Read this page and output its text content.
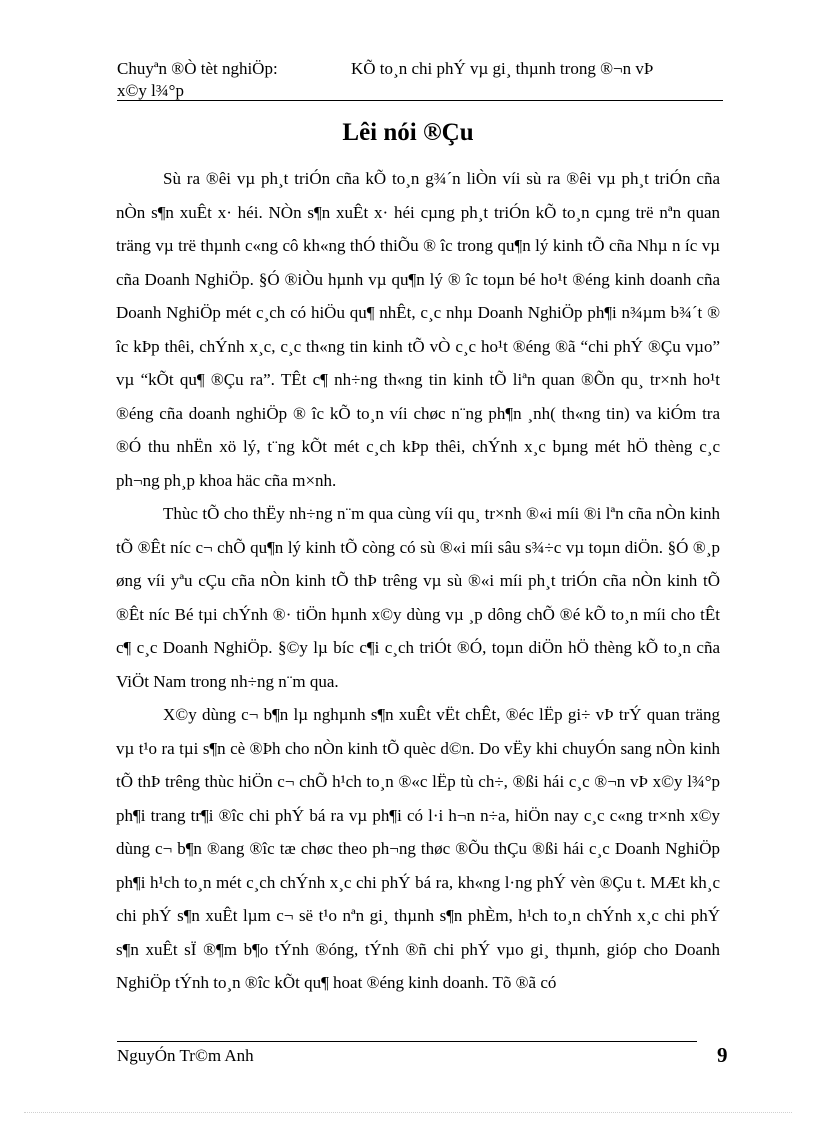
Chuyªn ®Ò tèt nghiÖp:	KÕ to¸n chi phÝ vµ gi¸ thµnh trong ®¬n vÞ
x©y l¾°p
Lêi nói ®Çu

Sù ra ®êi vµ ph¸t triÓn cña kÕ to¸n g¾´n liÒn víi sù ra ®êi vµ ph¸t triÓn cña nÒn s¶n xuÊt x· héi. NÒn s¶n xuÊt x· héi cµng ph¸t triÓn kÕ to¸n cµng trë nªn quan träng vµ trë thµnh c«ng cô kh«ng thÓ thiÕu ® îc trong qu¶n lý kinh tÕ cña Nhµ n íc vµ cña Doanh NghiÖp. §Ó ®iÒu hµnh vµ qu¶n lý ® îc toµn bé ho¹t ®éng kinh doanh cña Doanh NghiÖp mét c¸ch có hiÖu qu¶ nhÊt, c¸c nhµ Doanh NghiÖp ph¶i n¾µm b¾´t ® îc kÞp thêi, chÝnh x¸c, c¸c th«ng tin kinh tÕ vÒ c¸c ho¹t ®éng ®ã “chi phÝ ®Çu vµo” vµ “kÕt qu¶ ®Çu ra”. TÊt c¶ nh÷ng th«ng tin kinh tÕ liªn quan ®Õn qu¸ tr×nh ho¹t ®éng cña doanh nghiÖp ® îc kÕ to¸n víi chøc n¨ng ph¶n ¸nh( th«ng tin) va kiÓm tra ®Ó thu nhËn xö lý, t¨ng kÕt mét c¸ch kÞp thêi, chÝnh x¸c bµng mét hÖ thèng c¸c ph¬ng ph¸p khoa häc cña m×nh.

Thùc tÕ cho thËy nh÷ng n¨m qua cùng víi qu¸ tr×nh ®«i míi ®i lªn cña nÒn kinh tÕ ®Êt níc c¬ chÕ qu¶n lý kinh tÕ còng có sù ®«i míi sâu s¾÷c vµ toµn diÖn. §Ó ®¸p øng víi yªu cÇu cña nÒn kinh tÕ thÞ trêng vµ sù ®«i míi ph¸t triÓn cña nÒn kinh tÕ ®Êt níc Bé tµi chÝnh ®· tiÖn hµnh x©y dùng vµ ¸p dông chÕ ®é kÕ to¸n míi cho tÊt c¶ c¸c Doanh NghiÖp. §©y lµ bíc c¶i c¸ch triÓt ®Ó, toµn diÖn hÖ thèng kÕ to¸n cña ViÖt Nam trong nh÷ng n¨m qua.

X©y dùng c¬ b¶n lµ nghµnh s¶n xuÊt vËt chÊt, ®éc lËp gi÷ vÞ trÝ quan träng vµ t¹o ra tµi s¶n cè ®Þh cho nÒn kinh tÕ quèc d©n. Do vËy khi chuyÓn sang nÒn kinh tÕ thÞ trêng thùc hiÖn c¬ chÕ h¹ch to¸n ®«c lËp tù ch÷, ®ßi hái c¸c ®¬n vÞ x©y l¾°p ph¶i trang tr¶i ®îc chi phÝ bá ra vµ ph¶i có l·i h¬n n÷a, hiÖn nay c¸c c«ng tr×nh x©y dùng c¬ b¶n ®ang ®îc tæ chøc theo ph¬ng thøc ®Õu thÇu ®ßi hái c¸c Doanh NghiÖp ph¶i h¹ch to¸n mét c¸ch chÝnh x¸c chi phÝ bá ra, kh«ng l·ng phÝ vèn ®Çu t. MÆt kh¸c chi phÝ s¶n xuÊt lµm c¬ së t¹o nªn gi¸ thµnh s¶n phÈm, h¹ch to¸n chÝnh x¸c chi phÝ s¶n xuÊt sÏ ®¶m b¶o tÝnh ®óng, tÝnh ®ñ chi phÝ vµo gi¸ thµnh, gióp cho Doanh NghiÖp tÝnh to¸n ®îc kÕt qu¶ hoat ®éng kinh doanh. Tõ ®ã có

NguyÓn Tr©m Anh	9
